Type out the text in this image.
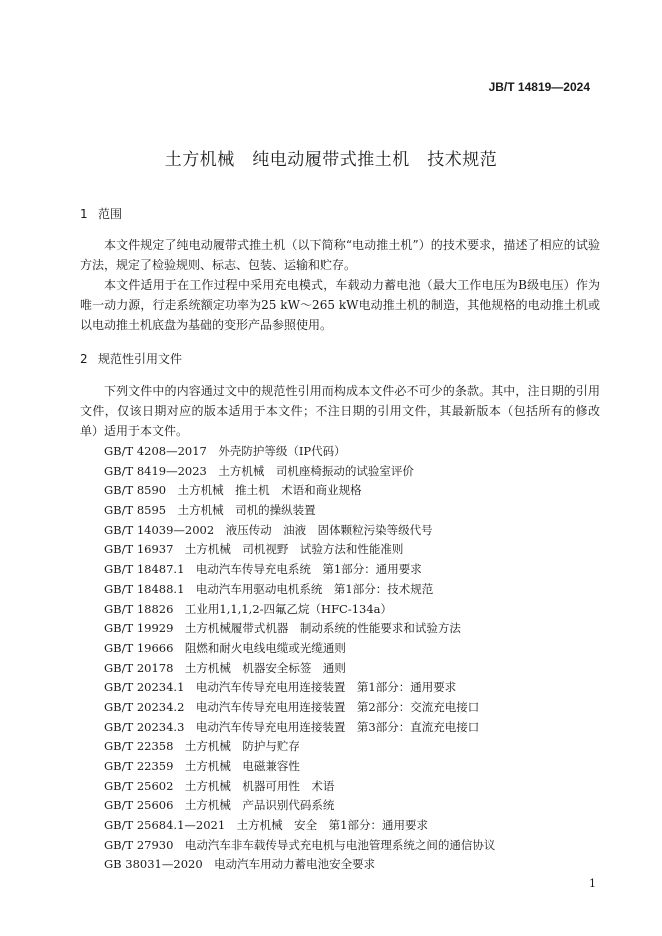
JB/T 14819—2024
土方机械　纯电动履带式推土机　技术规范
1 范围

本文件规定了纯电动履带式推土机（以下简称“电动推土机”）的技术要求，描述了相应的试验方法，规定了检验规则、标志、包装、运输和贮存。

本文件适用于在工作过程中采用充电模式，车载动力蓄电池（最大工作电压为B级电压）作为唯一动力源，行走系统额定功率为25 kW～265 kW电动推土机的制造，其他规格的电动推土机或以电动推土机底盘为基础的变形产品参照使用。

2 规范性引用文件

下列文件中的内容通过文中的规范性引用而构成本文件必不可少的条款。其中，注日期的引用文件，仅该日期对应的版本适用于本文件；不注日期的引用文件，其最新版本（包括所有的修改单）适用于本文件。

GB/T 4208—2017　外壳防护等级（IP代码）
GB/T 8419—2023　土方机械　司机座椅振动的试验室评价
GB/T 8590　土方机械　推土机　术语和商业规格
GB/T 8595　土方机械　司机的操纵装置
GB/T 14039—2002　液压传动　油液　固体颗粒污染等级代号
GB/T 16937　土方机械　司机视野　试验方法和性能准则
GB/T 18487.1　电动汽车传导充电系统　第1部分：通用要求
GB/T 18488.1　电动汽车用驱动电机系统　第1部分：技术规范
GB/T 18826　工业用1,1,1,2-四氟乙烷（HFC-134a）
GB/T 19929　土方机械履带式机器　制动系统的性能要求和试验方法
GB/T 19666　阻燃和耐火电线电缆或光缆通则
GB/T 20178　土方机械　机器安全标签　通则
GB/T 20234.1　电动汽车传导充电用连接装置　第1部分：通用要求
GB/T 20234.2　电动汽车传导充电用连接装置　第2部分：交流充电接口
GB/T 20234.3　电动汽车传导充电用连接装置　第3部分：直流充电接口
GB/T 22358　土方机械　防护与贮存
GB/T 22359　土方机械　电磁兼容性
GB/T 25602　土方机械　机器可用性　术语
GB/T 25606　土方机械　产品识别代码系统
GB/T 25684.1—2021　土方机械　安全　第1部分：通用要求
GB/T 27930　电动汽车非车载传导式充电机与电池管理系统之间的通信协议
GB 38031—2020　电动汽车用动力蓄电池安全要求
1
